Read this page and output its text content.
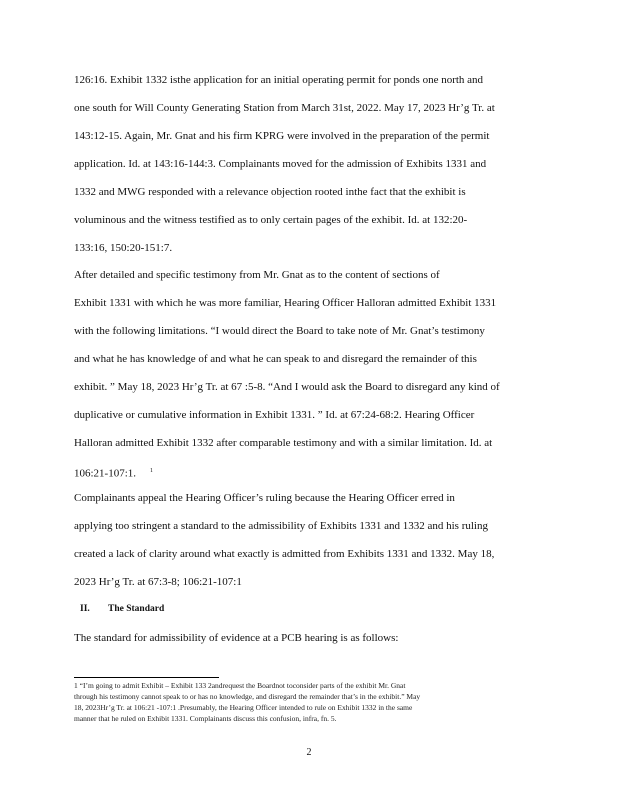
126:16. Exhibit 1332 isthe application for an initial operating permit for ponds one north and
one south for Will County Generating Station from March 31st, 2022. May 17, 2023 Hr’g Tr. at
143:12-15. Again, Mr. Gnat and his firm KPRG were involved in the preparation of the permit
application. Id. at 143:16-144:3. Complainants moved for the admission of Exhibits 1331 and
1332 and MWG responded with a relevance objection rooted inthe fact that the exhibit is
voluminous and the witness testified as to only certain pages of the exhibit. Id. at 132:20-
133:16, 150:20-151:7.
After detailed and specific testimony from Mr. Gnat as to the content of sections of
Exhibit 1331 with which he was more familiar, Hearing Officer Halloran admitted Exhibit 1331
with the following limitations. “I would direct the Board to take note of Mr. Gnat’s testimony
and what he has knowledge of and what he can speak to and disregard the remainder of this
exhibit. ” May 18, 2023 Hr’g Tr. at 67 :5-8. “And I would ask the Board to disregard any kind of
duplicative or cumulative information in Exhibit 1331. ” Id. at 67:24-68:2. Hearing Officer
Halloran admitted Exhibit 1332 after comparable testimony and with a similar limitation. Id. at
106:21-107:1. $^1$
Complainants appeal the Hearing Officer’s ruling because the Hearing Officer erred in
applying too stringent a standard to the admissibility of Exhibits 1331 and 1332 and his ruling
created a lack of clarity around what exactly is admitted from Exhibits 1331 and 1332. May 18,
2023 Hr’g Tr. at 67:3-8; 106:21-107:1
II. The Standard
The standard for admissibility of evidence at a PCB hearing is as follows:
1 “I’m going to admit Exhibit – Exhibit 133 2andrequest the Boardnot toconsider parts of the exhibit Mr. Gnat
through his testimony cannot speak to or has no knowledge, and disregard the remainder that’s in the exhibit.” May
18, 2023Hr’g Tr. at 106:21 -107:1 .Presumably, the Hearing Officer intended to rule on Exhibit 1332 in the same
manner that he ruled on Exhibit 1331. Complainants discuss this confusion, infra, fn. 5.
2
